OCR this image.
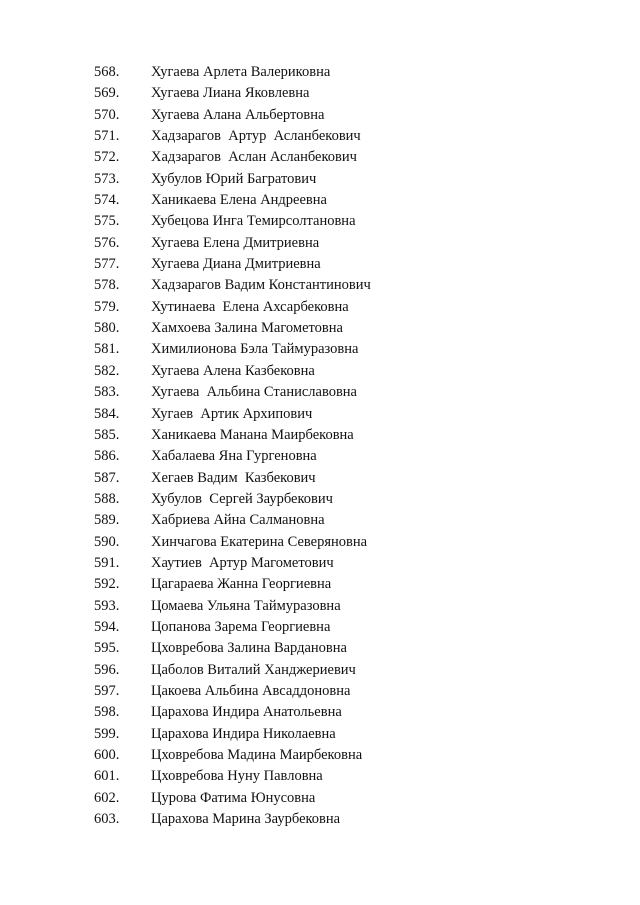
568.	Хугаева Арлета Валериковна
569.	Хугаева Лиана Яковлевна
570.	Хугаева Алана Альбертовна
571.	Хадзарагов  Артур  Асланбекович
572.	Хадзарагов  Аслан Асланбекович
573.	Хубулов Юрий Багратович
574.	Ханикаева Елена Андреевна
575.	Хубецова Инга Темирсолтановна
576.	Хугаева Елена Дмитриевна
577.	Хугаева Диана Дмитриевна
578.	Хадзарагов Вадим Константинович
579.	Хутинаева  Елена Ахсарбековна
580.	Хамхоева Залина Магометовна
581.	Химилионова Бэла Таймуразовна
582.	Хугаева Алена Казбековна
583.	Хугаева  Альбина Станиславовна
584.	Хугаев  Артик Архипович
585.	Ханикаева Манана Маирбековна
586.	Хабалаева Яна Гургеновна
587.	Хегаев Вадим  Казбекович
588.	Хубулов  Сергей Заурбекович
589.	Хабриева Айна Салмановна
590.	Хинчагова Екатерина Северяновна
591.	Хаутиев  Артур Магометович
592.	Цагараева Жанна Георгиевна
593.	Цомаева Ульяна Таймуразовна
594.	Цопанова Зарема Георгиевна
595.	Цховребова Залина Вардановна
596.	Цаболов Виталий Ханджериевич
597.	Цакоева Альбина Авсаддоновна
598.	Царахова Индира Анатольевна
599.	Царахова Индира Николаевна
600.	Цховребова Мадина Маирбековна
601.	Цховребова Нуну Павловна
602.	Цурова Фатима Юнусовна
603.	Царахова Марина Заурбековна
